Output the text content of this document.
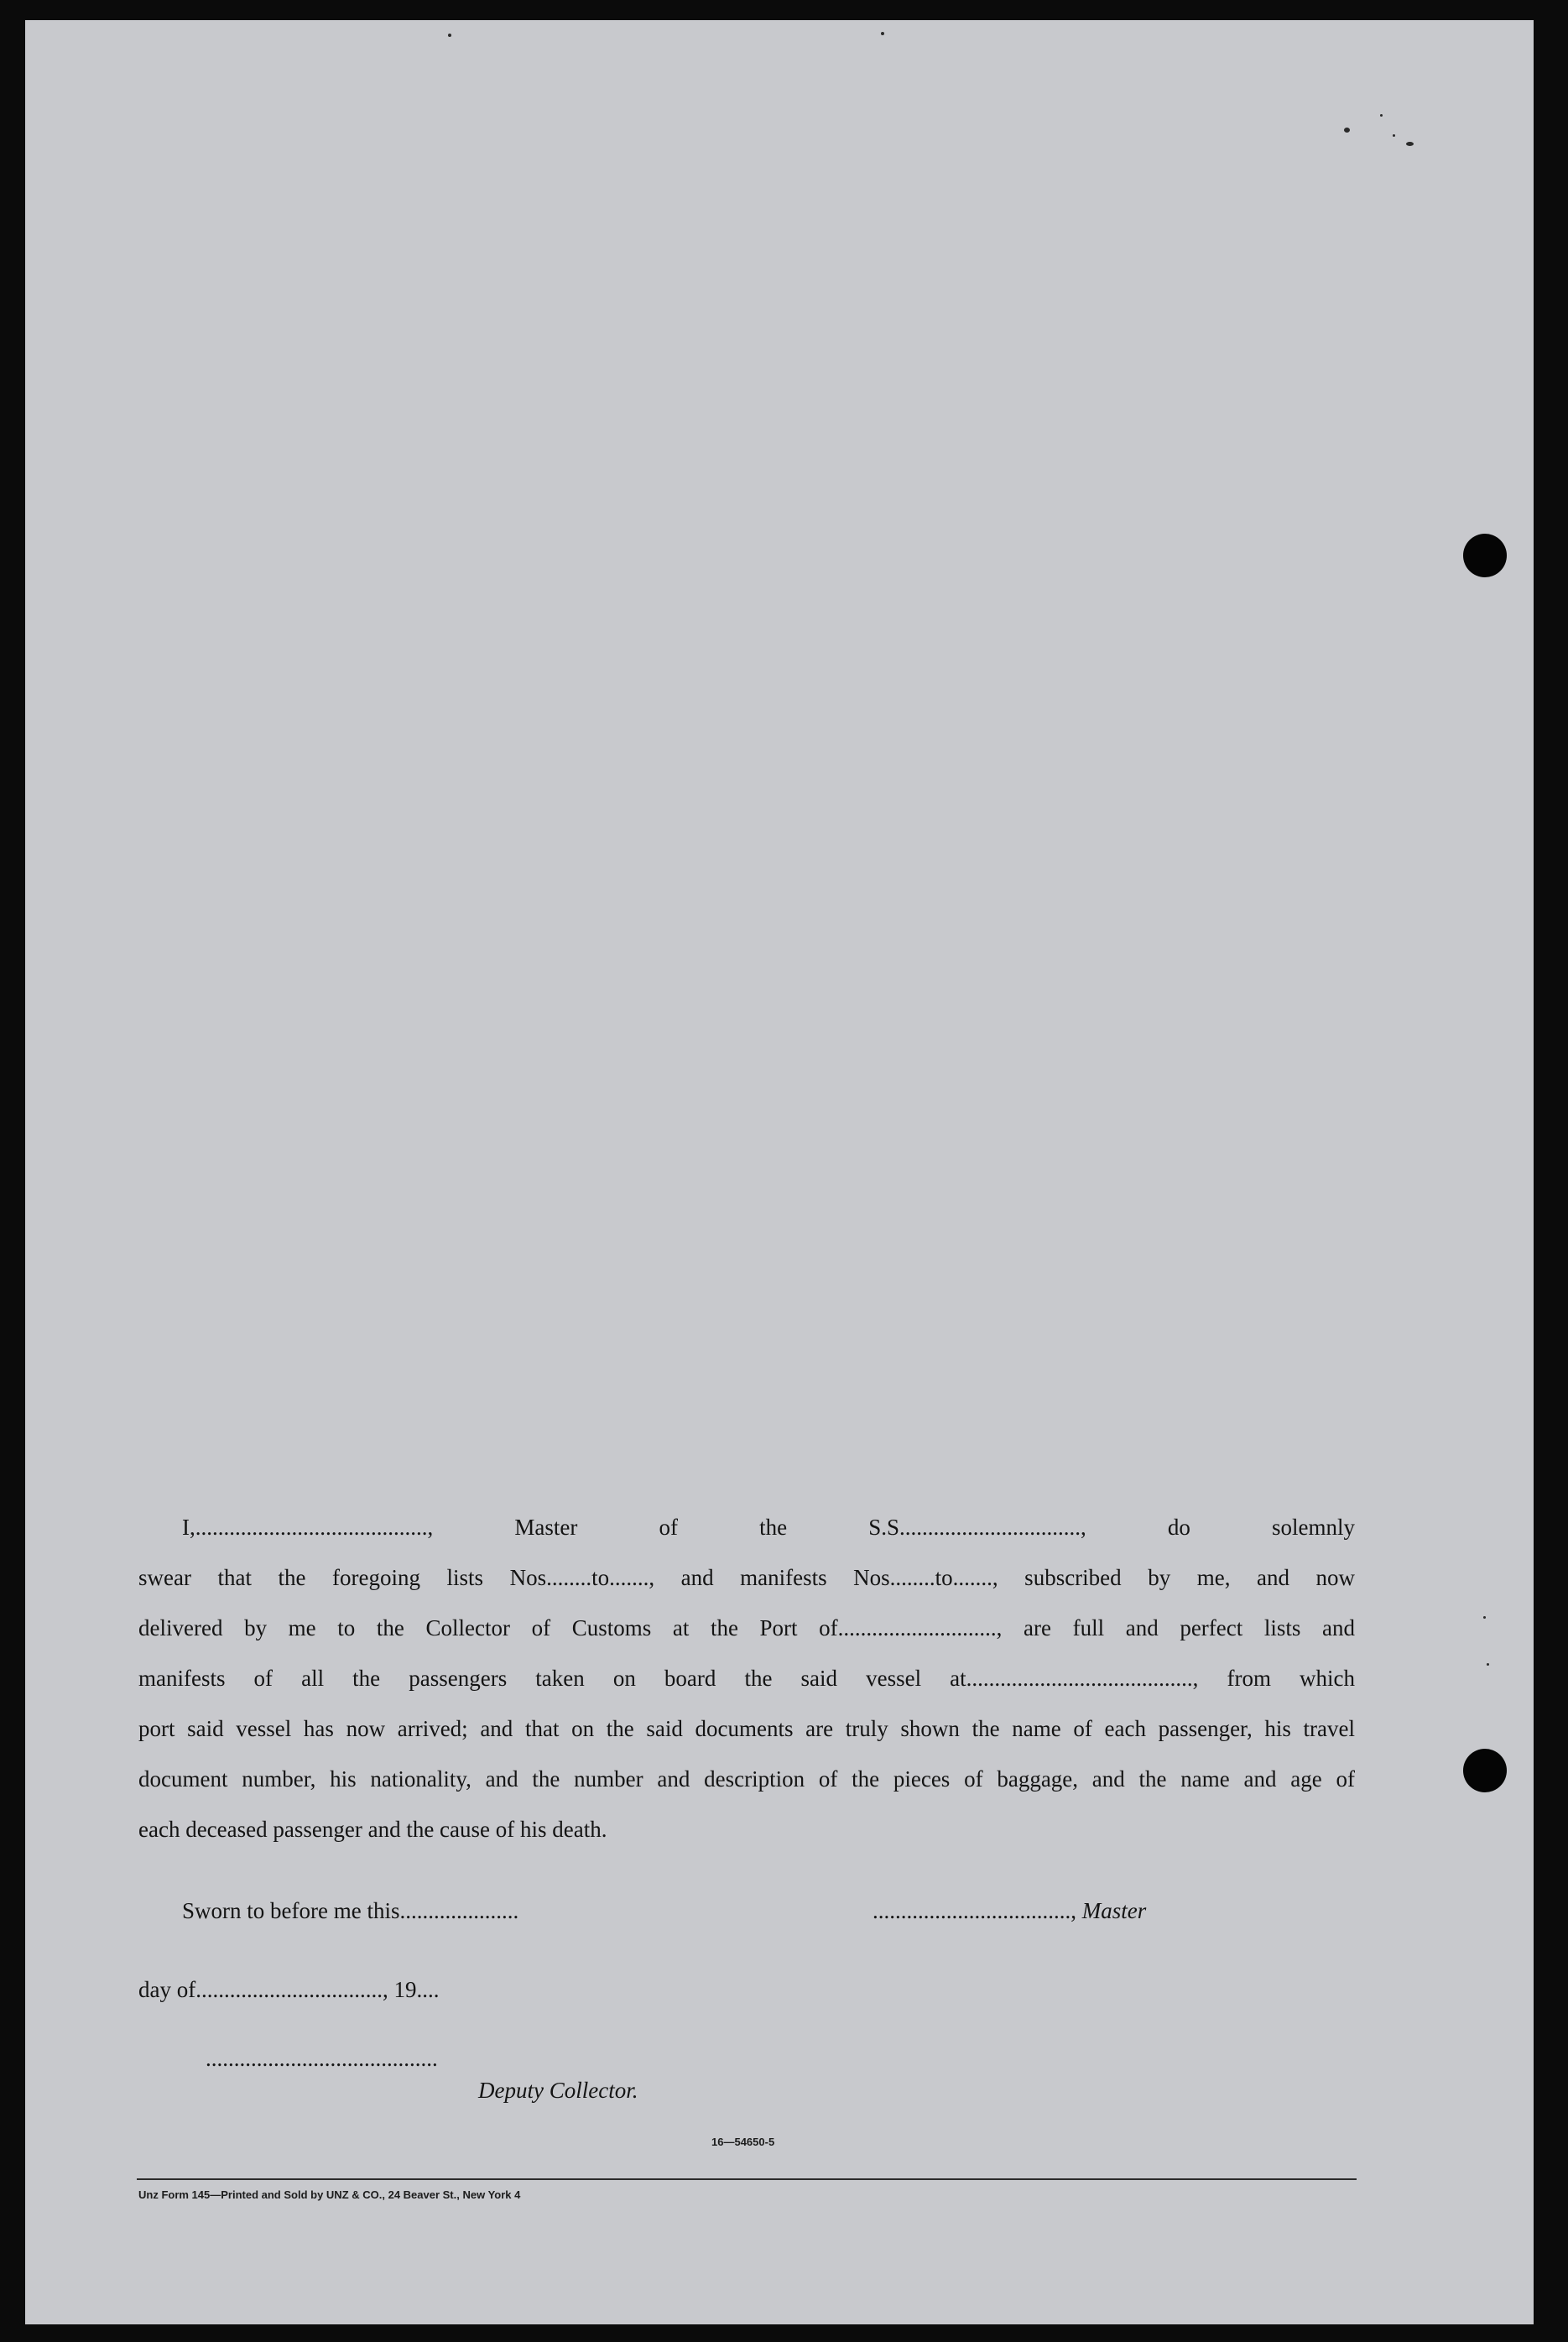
I,........................................., Master of the S.S................................, do solemnly

swear that the foregoing lists Nos........to......., and manifests Nos........to......., subscribed by me, and now

delivered by me to the Collector of Customs at the Port of............................, are full and perfect lists and

manifests of all the passengers taken on board the said vessel at........................................, from which

port said vessel has now arrived; and that on the said documents are truly shown the name of each passenger, his travel

document number, his nationality, and the number and description of the pieces of baggage, and the name and age of

each deceased passenger and the cause of his death.

Sworn to before me this.....................	..................................., Master
day of................................., 19....
.........................................
Deputy Collector.
16—54650-5
Unz Form 145—Printed and Sold by UNZ & CO., 24 Beaver St., New York 4
